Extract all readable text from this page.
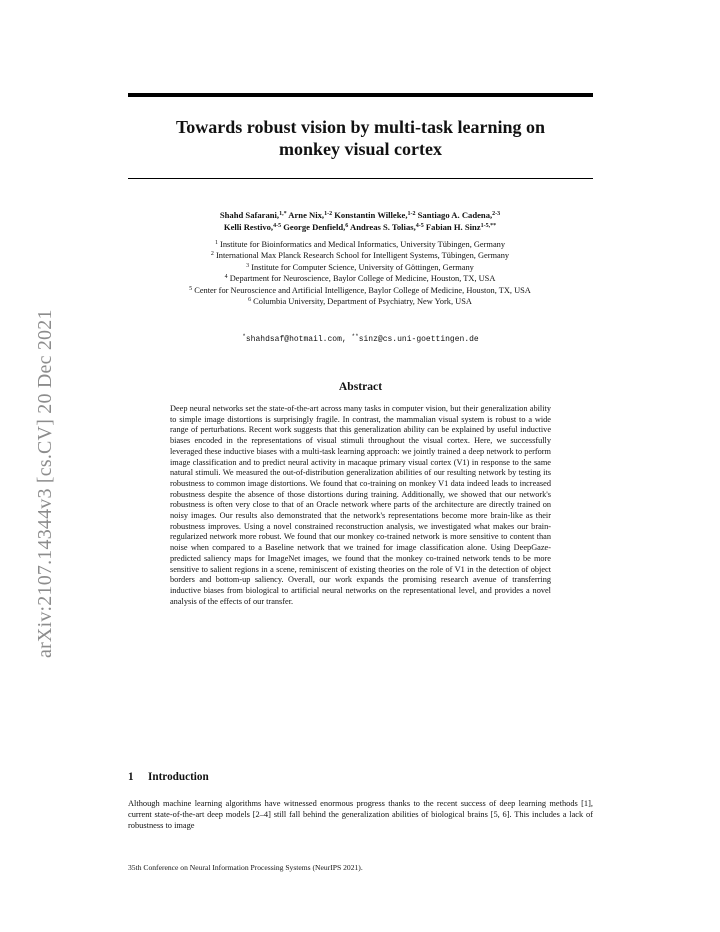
arXiv:2107.14344v3 [cs.CV] 20 Dec 2021
Towards robust vision by multi-task learning on
monkey visual cortex
Shahd Safarani,$^{1,*}$ Arne Nix,$^{1-2}$ Konstantin Willeke,$^{1-2}$ Santiago A. Cadena,$^{2-3}$
Kelli Restivo,$^{4-5}$ George Denfield,$^6$ Andreas S. Tolias,$^{4-5}$ Fabian H. Sinz$^{1-5,**}$
$^1$ Institute for Bioinformatics and Medical Informatics, University Tübingen, Germany
$^2$ International Max Planck Research School for Intelligent Systems, Tübingen, Germany
$^3$ Institute for Computer Science, University of Göttingen, Germany
$^4$ Department for Neuroscience, Baylor College of Medicine, Houston, TX, USA
$^5$ Center for Neuroscience and Artificial Intelligence, Baylor College of Medicine, Houston, TX, USA
$^6$ Columbia University, Department of Psychiatry, New York, USA
*shahdsaf@hotmail.com, **sinz@cs.uni-goettingen.de
Abstract
Deep neural networks set the state-of-the-art across many tasks in computer vision, but their generalization ability to simple image distortions is surprisingly fragile. In contrast, the mammalian visual system is robust to a wide range of perturbations. Recent work suggests that this generalization ability can be explained by useful inductive biases encoded in the representations of visual stimuli throughout the visual cortex. Here, we successfully leveraged these inductive biases with a multi-task learning approach: we jointly trained a deep network to perform image classification and to predict neural activity in macaque primary visual cortex (V1) in response to the same natural stimuli. We measured the out-of-distribution generalization abilities of our resulting network by testing its robustness to common image distortions. We found that co-training on monkey V1 data indeed leads to increased robustness despite the absence of those distortions during training. Additionally, we showed that our network's robustness is often very close to that of an Oracle network where parts of the architecture are directly trained on noisy images. Our results also demonstrated that the network's representations become more brain-like as their robustness improves. Using a novel constrained reconstruction analysis, we investigated what makes our brain-regularized network more robust. We found that our monkey co-trained network is more sensitive to content than noise when compared to a Baseline network that we trained for image classification alone. Using DeepGaze-predicted saliency maps for ImageNet images, we found that the monkey co-trained network tends to be more sensitive to salient regions in a scene, reminiscent of existing theories on the role of V1 in the detection of object borders and bottom-up saliency. Overall, our work expands the promising research avenue of transferring inductive biases from biological to artificial neural networks on the representational level, and provides a novel analysis of the effects of our transfer.
1 Introduction
Although machine learning algorithms have witnessed enormous progress thanks to the recent success of deep learning methods [1], current state-of-the-art deep models [2–4] still fall behind the generalization abilities of biological brains [5, 6]. This includes a lack of robustness to image
35th Conference on Neural Information Processing Systems (NeurIPS 2021).
